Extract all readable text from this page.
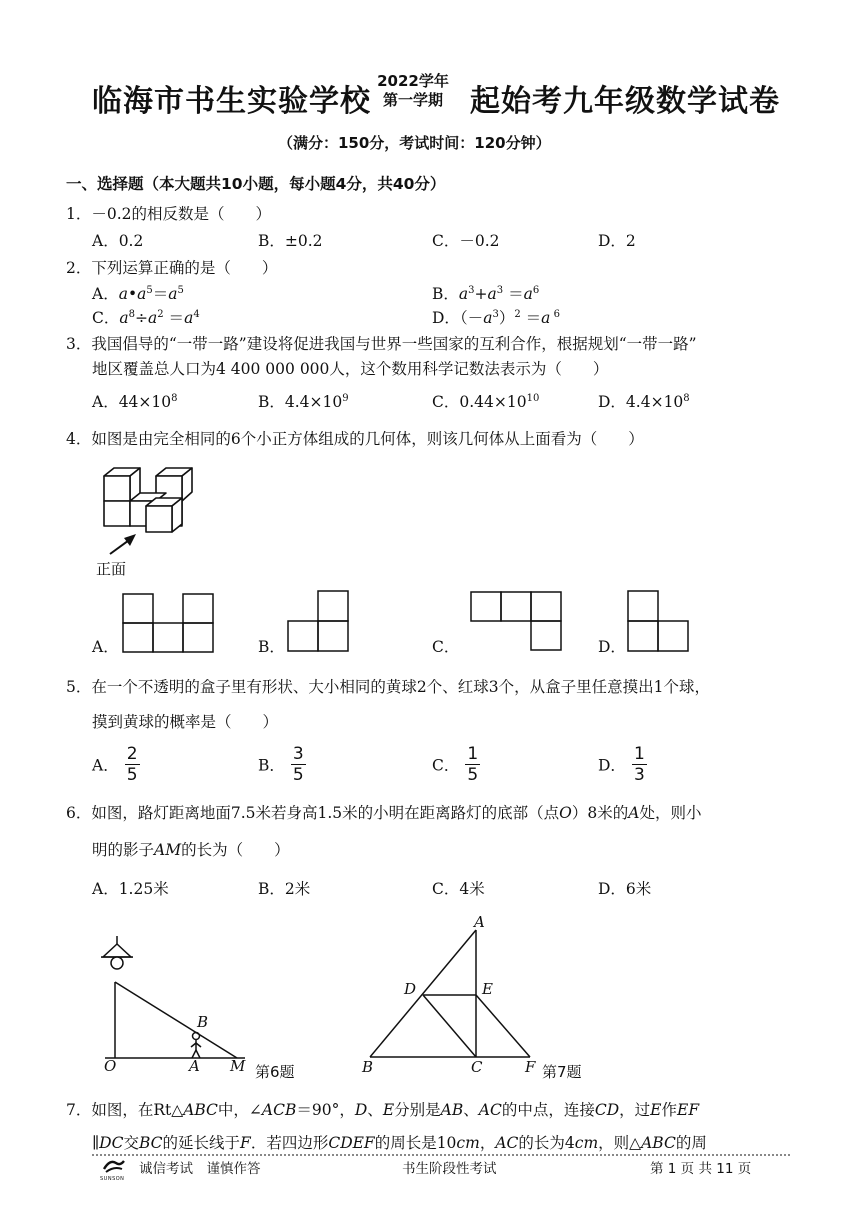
临海市书生实验学校
2022学年
第一学期 起始考九年级数学试卷
（满分：150分，考试时间：120分钟）
一、选择题（本大题共10小题，每小题4分，共40分）
1．－0.2的相反数是（　　）
A．0.2	B．±0.2	C．－0.2	D．2
2．下列运算正确的是（　　）
A．$a•a^5=a^5$	B．$a^3+a^3 =a^6$
C．$a^8\div a^2 =a^4$	D．$(-a^3)^2 =a$ $^6$
3．我国倡导的“一带一路”建设将促进我国与世界一些国家的互利合作，根据规划“一带一路”
地区覆盖总人口为4 400 000 000人，这个数用科学记数法表示为（　　）
A．$44\times 10^8$	B．$4.4\times 10^9$	C．$0.44\times 10^{10}$	D．$4.4\times 10^8$
4．如图是由完全相同的6个小正方体组成的几何体，则该几何体从上面看为（　　）
正面
A．	B．	C．	D．
5．在一个不透明的盒子里有形状、大小相同的黄球2个、红球3个，从盒子里任意摸出1个球，
摸到黄球的概率是（　　）
A． $\frac{2}{5}$	B． $\frac{3}{5}$	C． $\frac{1}{5}$	D． $\frac{1}{3}$
6．如图，路灯距离地面7.5米若身高1.5米的小明在距离路灯的底部（点O）8米的A处，则小
明的影子AM的长为（　　）
A．1.25米	B．2米	C．4米	D．6米
O	A M
B
第6题
A
D	E
B	C	F 第7题
7．如图，在Rt△ABC中，∠ACB＝90°，D、E分别是AB、AC的中点，连接CD，过E作EF
∥DC交BC的延长线于F．若四边形CDEF的周长是10cm，AC的长为4cm，则△ABC的周
SUNSON
诚信考试　谨慎作答	书生阶段性考试	第 1 页 共 11 页
